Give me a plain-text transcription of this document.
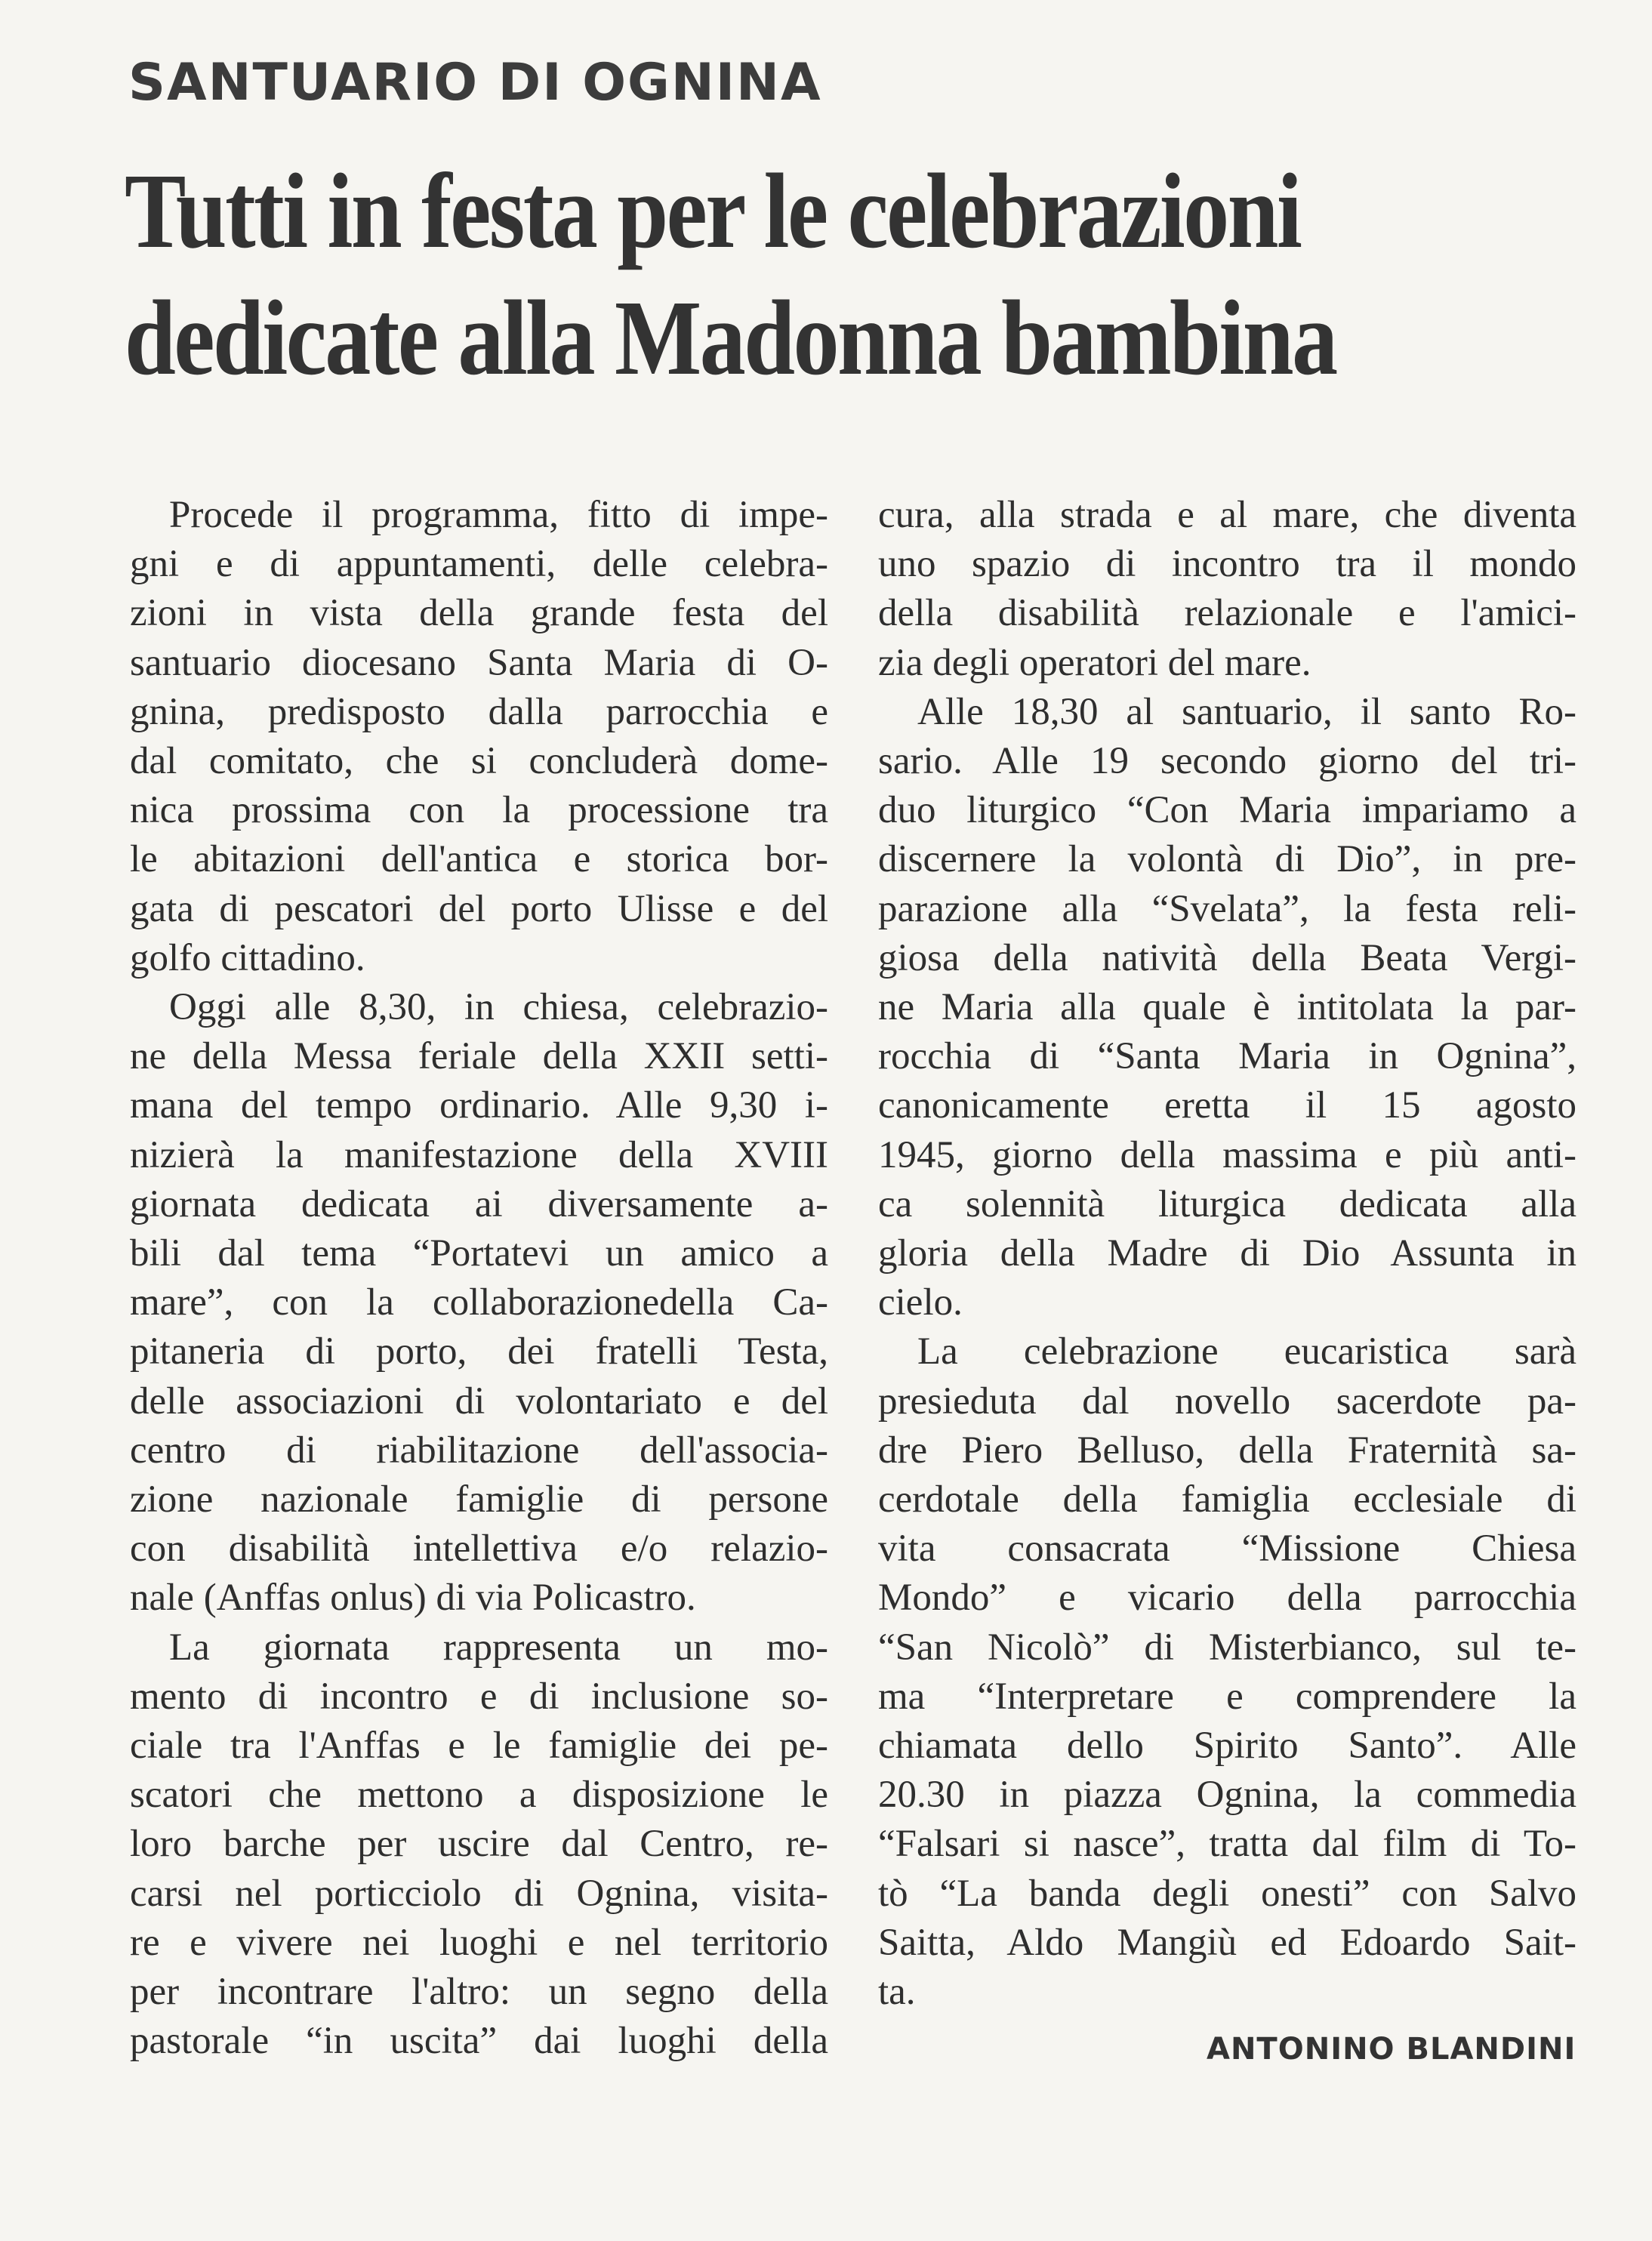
SANTUARIO DI OGNINA
Tutti in festa per le celebrazioni
dedicate alla Madonna bambina

Procede il programma, fitto di impe-
gni e di appuntamenti, delle celebra-
zioni in vista della grande festa del
santuario diocesano Santa Maria di O-
gnina, predisposto dalla parrocchia e
dal comitato, che si concluderà dome-
nica prossima con la processione tra
le abitazioni dell'antica e storica bor-
gata di pescatori del porto Ulisse e del
golfo cittadino.

Oggi alle 8,30, in chiesa, celebrazio-
ne della Messa feriale della XXII setti-
mana del tempo ordinario. Alle 9,30 i-
nizierà la manifestazione della XVIII
giornata dedicata ai diversamente a-
bili dal tema “Portatevi un amico a
mare”, con la collaborazionedella Ca-
pitaneria di porto, dei fratelli Testa,
delle associazioni di volontariato e del
centro di riabilitazione dell'associa-
zione nazionale famiglie di persone
con disabilità intellettiva e/o relazio-
nale (Anffas onlus) di via Policastro.

La giornata rappresenta un mo-
mento di incontro e di inclusione so-
ciale tra l'Anffas e le famiglie dei pe-
scatori che mettono a disposizione le
loro barche per uscire dal Centro, re-
carsi nel porticciolo di Ognina, visita-
re e vivere nei luoghi e nel territorio
per incontrare l'altro: un segno della
pastorale “in uscita” dai luoghi della

cura, alla strada e al mare, che diventa
uno spazio di incontro tra il mondo
della disabilità relazionale e l'amici-
zia degli operatori del mare.

Alle 18,30 al santuario, il santo Ro-
sario. Alle 19 secondo giorno del tri-
duo liturgico “Con Maria impariamo a
discernere la volontà di Dio”, in pre-
parazione alla “Svelata”, la festa reli-
giosa della natività della Beata Vergi-
ne Maria alla quale è intitolata la par-
rocchia di “Santa Maria in Ognina”,
canonicamente eretta il 15 agosto
1945, giorno della massima e più anti-
ca solennità liturgica dedicata alla
gloria della Madre di Dio Assunta in
cielo.

La celebrazione eucaristica sarà
presieduta dal novello sacerdote pa-
dre Piero Belluso, della Fraternità sa-
cerdotale della famiglia ecclesiale di
vita consacrata “Missione Chiesa
Mondo” e vicario della parrocchia
“San Nicolò” di Misterbianco, sul te-
ma “Interpretare e comprendere la
chiamata dello Spirito Santo”. Alle
20.30 in piazza Ognina, la commedia
“Falsari si nasce”, tratta dal film di To-
tò “La banda degli onesti” con Salvo
Saitta, Aldo Mangiù ed Edoardo Sait-
ta.

ANTONINO BLANDINI
